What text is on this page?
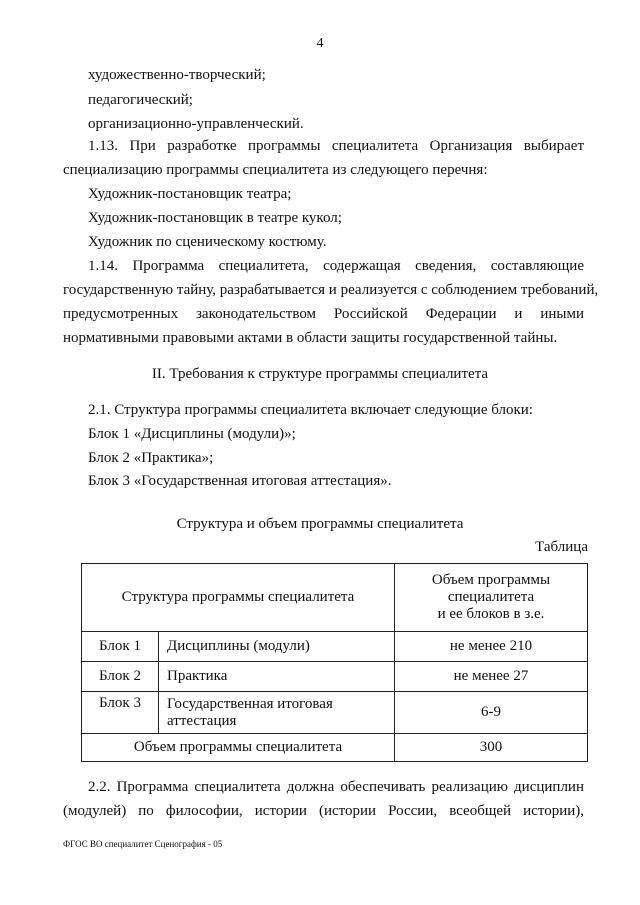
4
художественно-творческий;
педагогический;
организационно-управленческий.
1.13. При разработке программы специалитета Организация выбирает
специализацию программы специалитета из следующего перечня:
Художник-постановщик театра;
Художник-постановщик в театре кукол;
Художник по сценическому костюму.
1.14. Программа специалитета, содержащая сведения, составляющие
государственную тайну, разрабатывается и реализуется с соблюдением требований,
предусмотренных законодательством Российской Федерации и иными
нормативными правовыми актами в области защиты государственной тайны.
II. Требования к структуре программы специалитета
2.1. Структура программы специалитета включает следующие блоки:
Блок 1 «Дисциплины (модули)»;
Блок 2 «Практика»;
Блок 3 «Государственная итоговая аттестация».
Структура и объем программы специалитета
Таблица
Структура программы специалитета		Объем программы
специалитета
и ее блоков в з.е.

Блок 1	Дисциплины (модули)	не менее 210
Блок 2	Практика	не менее 27
Блок 3	Государственная итоговая
аттестация	6-9
Объем программы специалитета		300
2.2. Программа специалитета должна обеспечивать реализацию дисциплин
(модулей) по философии, истории (истории России, всеобщей истории),
ФГОС ВО специалитет Сценография - 05
